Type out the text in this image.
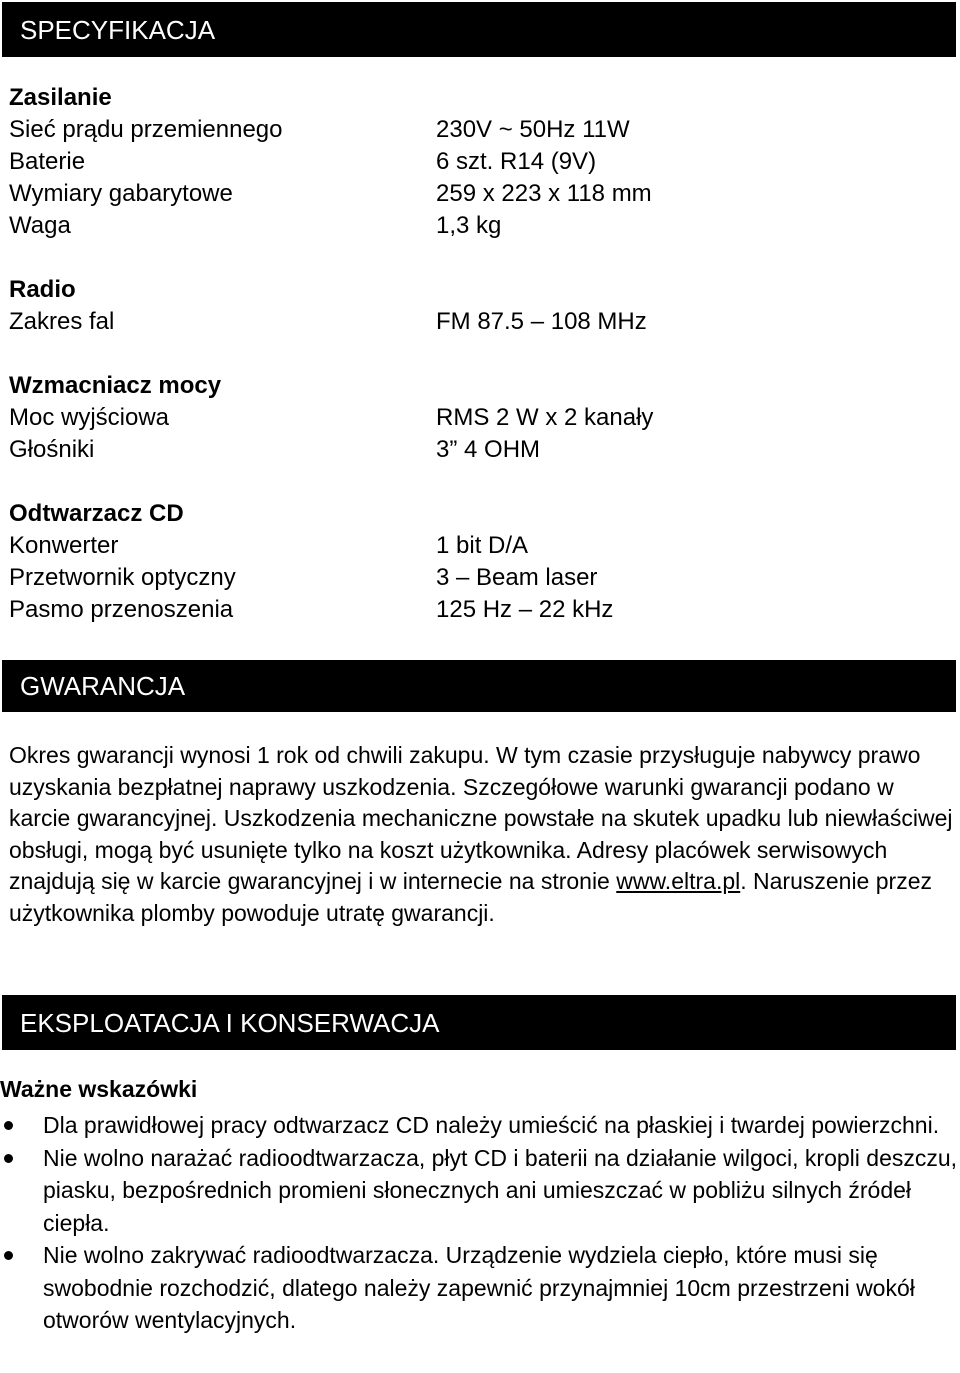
SPECYFIKACJA
Zasilanie
Sieć prądu przemiennego	230V ~ 50Hz 11W
Baterie	6 szt. R14 (9V)
Wymiary gabarytowe	259 x 223 x 118 mm
Waga	1,3 kg
Radio
Zakres fal	FM 87.5 – 108 MHz
Wzmacniacz mocy
Moc wyjściowa	RMS 2 W x 2 kanały
Głośniki	3” 4 OHM
Odtwarzacz CD
Konwerter	1 bit D/A
Przetwornik optyczny	3 – Beam laser
Pasmo przenoszenia	125 Hz – 22 kHz
GWARANCJA
Okres gwarancji wynosi 1 rok od chwili zakupu. W tym czasie przysługuje nabywcy prawo uzyskania bezpłatnej naprawy uszkodzenia. Szczegółowe warunki gwarancji podano w karcie gwarancyjnej. Uszkodzenia mechaniczne powstałe na skutek upadku lub niewłaściwej obsługi, mogą być usunięte tylko na koszt użytkownika. Adresy placówek serwisowych znajdują się w karcie gwarancyjnej i w internecie na stronie www.eltra.pl. Naruszenie przez użytkownika plomby powoduje utratę gwarancji.
EKSPLOATACJA I KONSERWACJA
Ważne wskazówki
Dla prawidłowej pracy odtwarzacz CD należy umieścić na płaskiej i twardej powierzchni.
Nie wolno narażać radioodtwarzacza, płyt CD i baterii na działanie wilgoci, kropli deszczu, piasku, bezpośrednich promieni słonecznych ani umieszczać w pobliżu silnych źródeł ciepła.
Nie wolno zakrywać radioodtwarzacza. Urządzenie wydziela ciepło, które musi się swobodnie rozchodzić, dlatego należy zapewnić przynajmniej 10cm przestrzeni wokół otworów wentylacyjnych.
